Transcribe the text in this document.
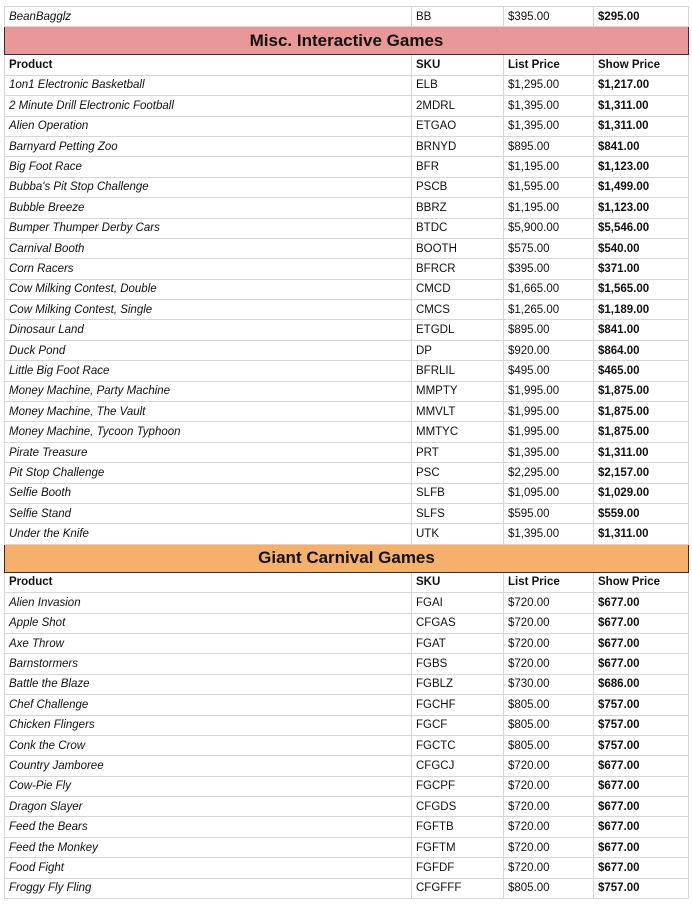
BeanBagglz	BB	$395.00	$295.00
Misc. Interactive Games			
Product	SKU	List Price	Show Price
1on1 Electronic Basketball	ELB	$1,295.00	$1,217.00
2 Minute Drill Electronic Football	2MDRL	$1,395.00	$1,311.00
Alien Operation	ETGAO	$1,395.00	$1,311.00
Barnyard Petting Zoo	BRNYD	$895.00	$841.00
Big Foot Race	BFR	$1,195.00	$1,123.00
Bubba's Pit Stop Challenge	PSCB	$1,595.00	$1,499.00
Bubble Breeze	BBRZ	$1,195.00	$1,123.00
Bumper Thumper Derby Cars	BTDC	$5,900.00	$5,546.00
Carnival Booth	BOOTH	$575.00	$540.00
Corn Racers	BFRCR	$395.00	$371.00
Cow Milking Contest, Double	CMCD	$1,665.00	$1,565.00
Cow Milking Contest, Single	CMCS	$1,265.00	$1,189.00
Dinosaur Land	ETGDL	$895.00	$841.00
Duck Pond	DP	$920.00	$864.00
Little Big Foot Race	BFRLIL	$495.00	$465.00
Money Machine, Party Machine	MMPTY	$1,995.00	$1,875.00
Money Machine, The Vault	MMVLT	$1,995.00	$1,875.00
Money Machine, Tycoon Typhoon	MMTYC	$1,995.00	$1,875.00
Pirate Treasure	PRT	$1,395.00	$1,311.00
Pit Stop Challenge	PSC	$2,295.00	$2,157.00
Selfie Booth	SLFB	$1,095.00	$1,029.00
Selfie Stand	SLFS	$595.00	$559.00
Under the Knife	UTK	$1,395.00	$1,311.00
Giant Carnival Games			
Product	SKU	List Price	Show Price
Alien Invasion	FGAI	$720.00	$677.00
Apple Shot	CFGAS	$720.00	$677.00
Axe Throw	FGAT	$720.00	$677.00
Barnstormers	FGBS	$720.00	$677.00
Battle the Blaze	FGBLZ	$730.00	$686.00
Chef Challenge	FGCHF	$805.00	$757.00
Chicken Flingers	FGCF	$805.00	$757.00
Conk the Crow	FGCTC	$805.00	$757.00
Country Jamboree	CFGCJ	$720.00	$677.00
Cow-Pie Fly	FGCPF	$720.00	$677.00
Dragon Slayer	CFGDS	$720.00	$677.00
Feed the Bears	FGFTB	$720.00	$677.00
Feed the Monkey	FGFTM	$720.00	$677.00
Food Fight	FGFDF	$720.00	$677.00
Froggy Fly Fling	CFGFFF	$805.00	$757.00
